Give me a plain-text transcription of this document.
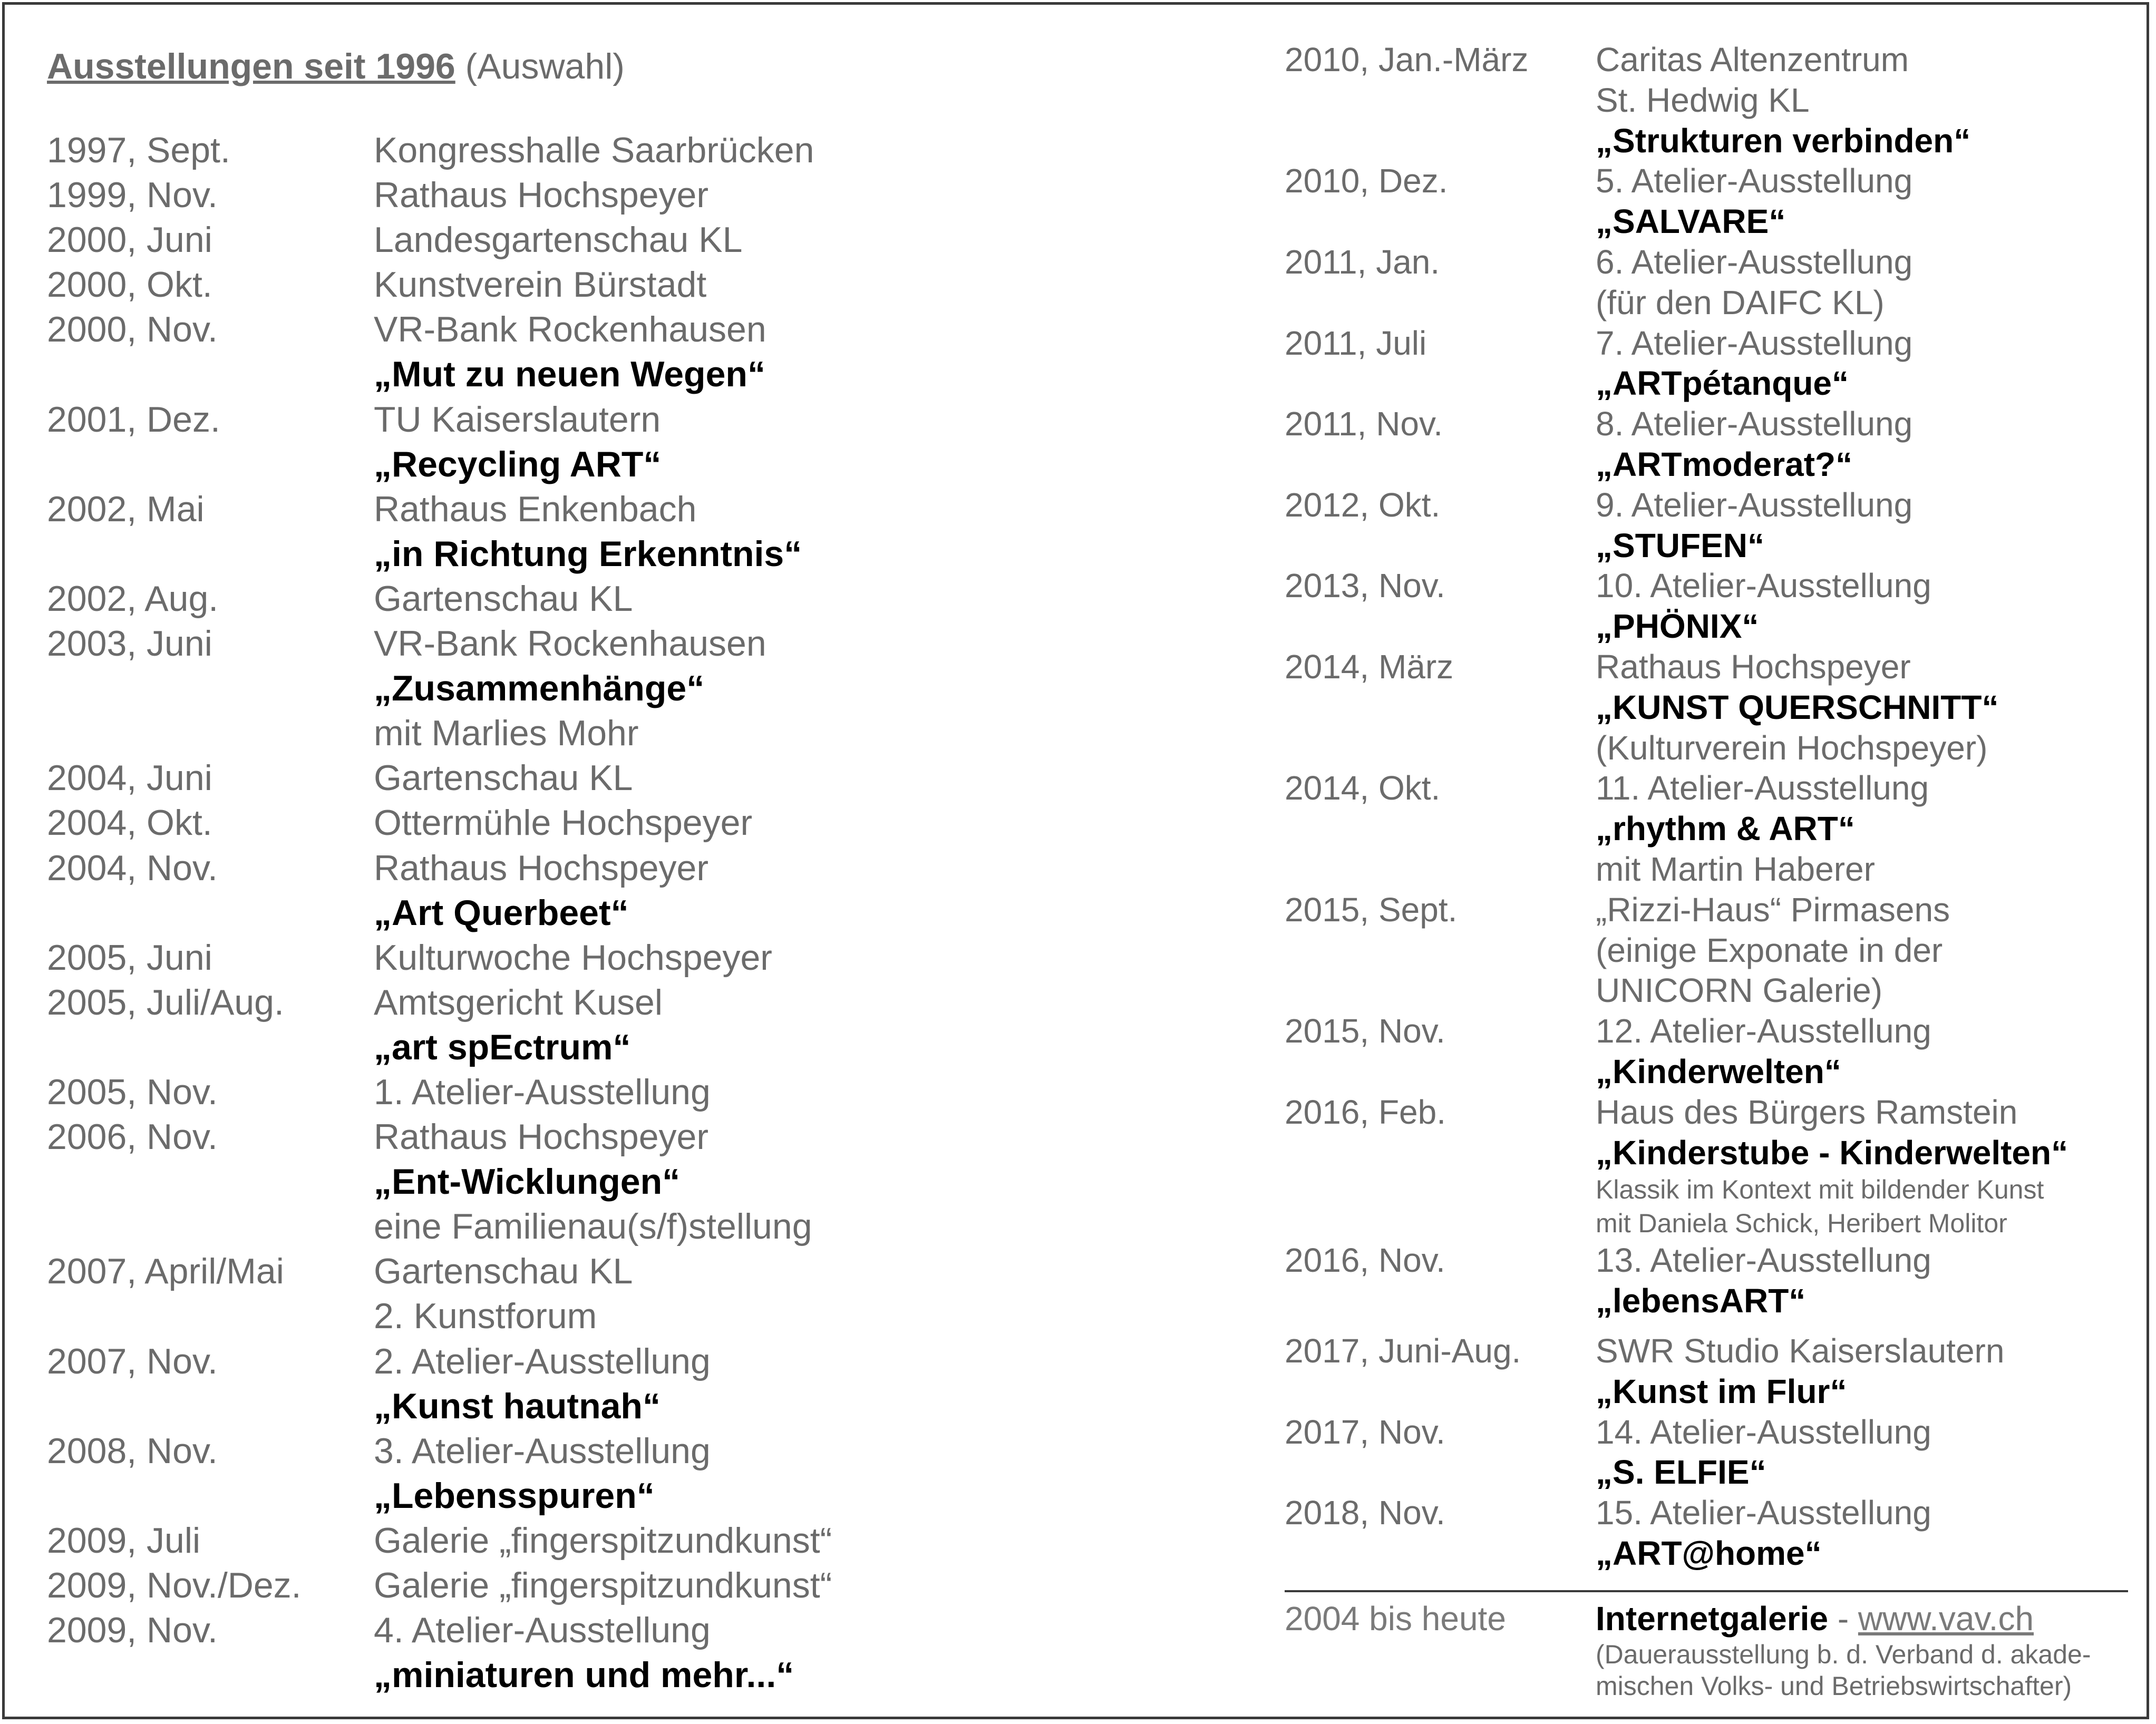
Ausstellungen seit 1996 (Auswahl)
1997, Sept.	Kongresshalle Saarbrücken
1999, Nov.	Rathaus Hochspeyer
2000, Juni	Landesgartenschau KL
2000, Okt.	Kunstverein Bürstadt
2000, Nov.	VR-Bank Rockenhausen
„Mut zu neuen Wegen“
2001, Dez.	TU Kaiserslautern
„Recycling ART“
2002, Mai	Rathaus Enkenbach
„in Richtung Erkenntnis“
2002, Aug.	Gartenschau KL
2003, Juni	VR-Bank Rockenhausen
„Zusammenhänge“
mit Marlies Mohr
2004, Juni	Gartenschau KL
2004, Okt.	Ottermühle Hochspeyer
2004, Nov.	Rathaus Hochspeyer
„Art Querbeet“
2005, Juni	Kulturwoche Hochspeyer
2005, Juli/Aug.	Amtsgericht Kusel
„art spEctrum“
2005, Nov.	1. Atelier-Ausstellung
2006, Nov.	Rathaus Hochspeyer
„Ent-Wicklungen“
eine Familienau(s/f)stellung
2007, April/Mai	Gartenschau KL
2. Kunstforum
2007, Nov.	2. Atelier-Ausstellung
„Kunst hautnah“
2008, Nov.	3. Atelier-Ausstellung
„Lebensspuren“
2009, Juli	Galerie „fingerspitzundkunst“
2009, Nov./Dez.	Galerie „fingerspitzundkunst“
2009, Nov.	4. Atelier-Ausstellung
„miniaturen und mehr...“
2010, Jan.-März	Caritas Altenzentrum
St. Hedwig KL
„Strukturen verbinden“
2010, Dez.	5. Atelier-Ausstellung
„SALVARE“
2011, Jan.	6. Atelier-Ausstellung
(für den DAIFC KL)
2011, Juli	7. Atelier-Ausstellung
„ARTpétanque“
2011, Nov.	8. Atelier-Ausstellung
„ARTmoderat?“
2012, Okt.	9. Atelier-Ausstellung
„STUFEN“
2013, Nov.	10. Atelier-Ausstellung
„PHÖNIX“
2014, März	Rathaus Hochspeyer
„KUNST QUERSCHNITT“
(Kulturverein Hochspeyer)
2014, Okt.	11. Atelier-Ausstellung
„rhythm & ART“
mit Martin Haberer
2015, Sept.	„Rizzi-Haus“ Pirmasens
(einige Exponate in der
UNICORN Galerie)
2015, Nov.	12. Atelier-Ausstellung
„Kinderwelten“
2016, Feb.	Haus des Bürgers Ramstein
„Kinderstube - Kinderwelten“
Klassik im Kontext mit bildender Kunst
mit Daniela Schick, Heribert Molitor
2016, Nov.	13. Atelier-Ausstellung
„lebensART“
2017, Juni-Aug.	SWR Studio Kaiserslautern
„Kunst im Flur“
2017, Nov.	14. Atelier-Ausstellung
„S. ELFIE“
2018, Nov.	15. Atelier-Ausstellung
„ART@home“
2004 bis heute	Internetgalerie - www.vav.ch
(Dauerausstellung b. d. Verband d. akade-
mischen Volks- und Betriebswirtschafter)
